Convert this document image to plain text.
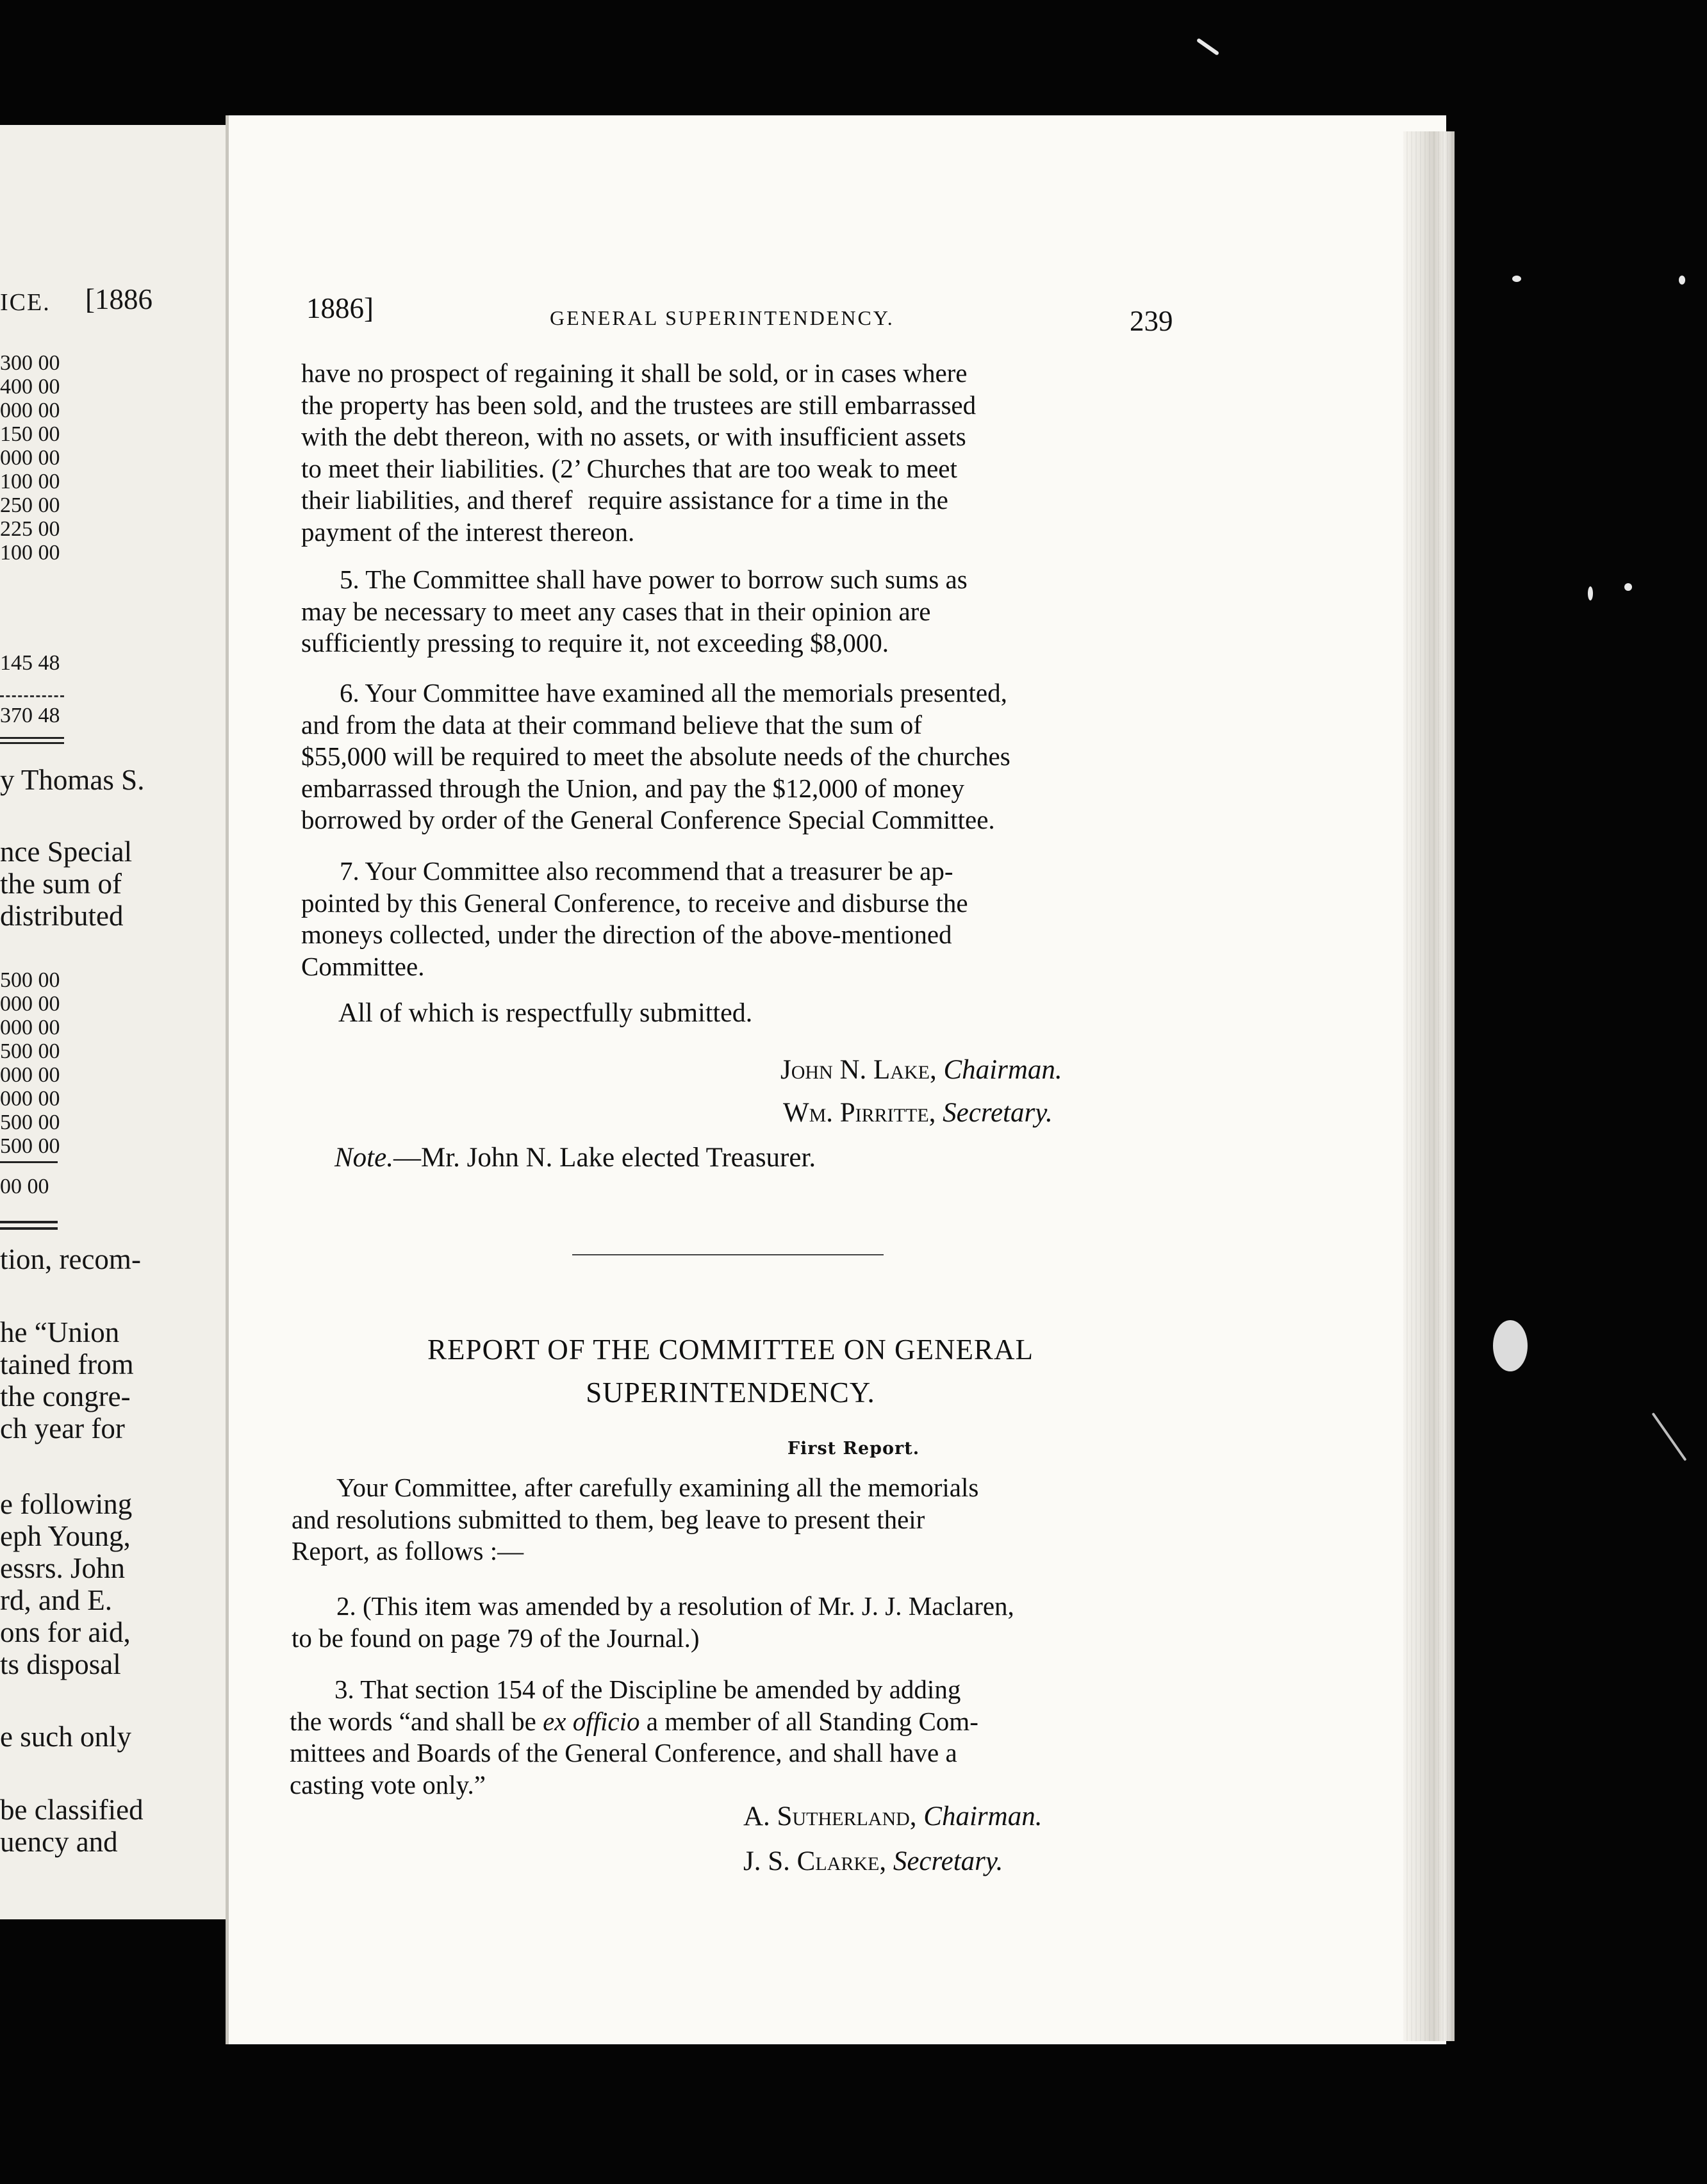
ICE. [1886
300 00
400 00
000 00
150 00
000 00
100 00
250 00
225 00
100 00
145 48
370 48
y Thomas S.
nce Special
the sum of
distributed
500 00
000 00
000 00
500 00
000 00
000 00
500 00
500 00
00 00
tion, recom-
he “Union
tained from
the congre-
ch year for
e following
eph Young,
essrs. John
rd, and E.
ons for aid,
ts disposal
e such only
be classified
uency and
1886]	GENERAL SUPERINTENDENCY.	239
have no prospect of regaining it shall be sold, or in cases where
the property has been sold, and the trustees are still embarrassed
with the debt thereon, with no assets, or with insufficient assets
to meet their liabilities. (2’ Churches that are too weak to meet
their liabilities, and theref     require assistance for a time in the
payment of the interest thereon.
5. The Committee shall have power to borrow such sums as
may be necessary to meet any cases that in their opinion are
sufficiently pressing to require it, not exceeding $8,000.
6. Your Committee have examined all the memorials presented,
and from the data at their command believe that the sum of
$55,000 will be required to meet the absolute needs of the churches
embarrassed through the Union, and pay the $12,000 of money
borrowed by order of the General Conference Special Committee.
7. Your Committee also recommend that a treasurer be ap-
pointed by this General Conference, to receive and disburse the
moneys collected, under the direction of the above-mentioned
Committee.
All of which is respectfully submitted.
John N. Lake, Chairman.
Wm. Pirritte, Secretary.
Note.—Mr. John N. Lake elected Treasurer.
REPORT OF THE COMMITTEE ON GENERAL
SUPERINTENDENCY.
First Report.
Your Committee, after carefully examining all the memorials
and resolutions submitted to them, beg leave to present their
Report, as follows :—
2. (This item was amended by a resolution of Mr. J. J. Maclaren,
to be found on page 79 of the Journal.)
3. That section 154 of the Discipline be amended by adding
the words “and shall be ex officio a member of all Standing Com-
mittees and Boards of the General Conference, and shall have a
casting vote only.”
A. Sutherland, Chairman.
J. S. Clarke, Secretary.
